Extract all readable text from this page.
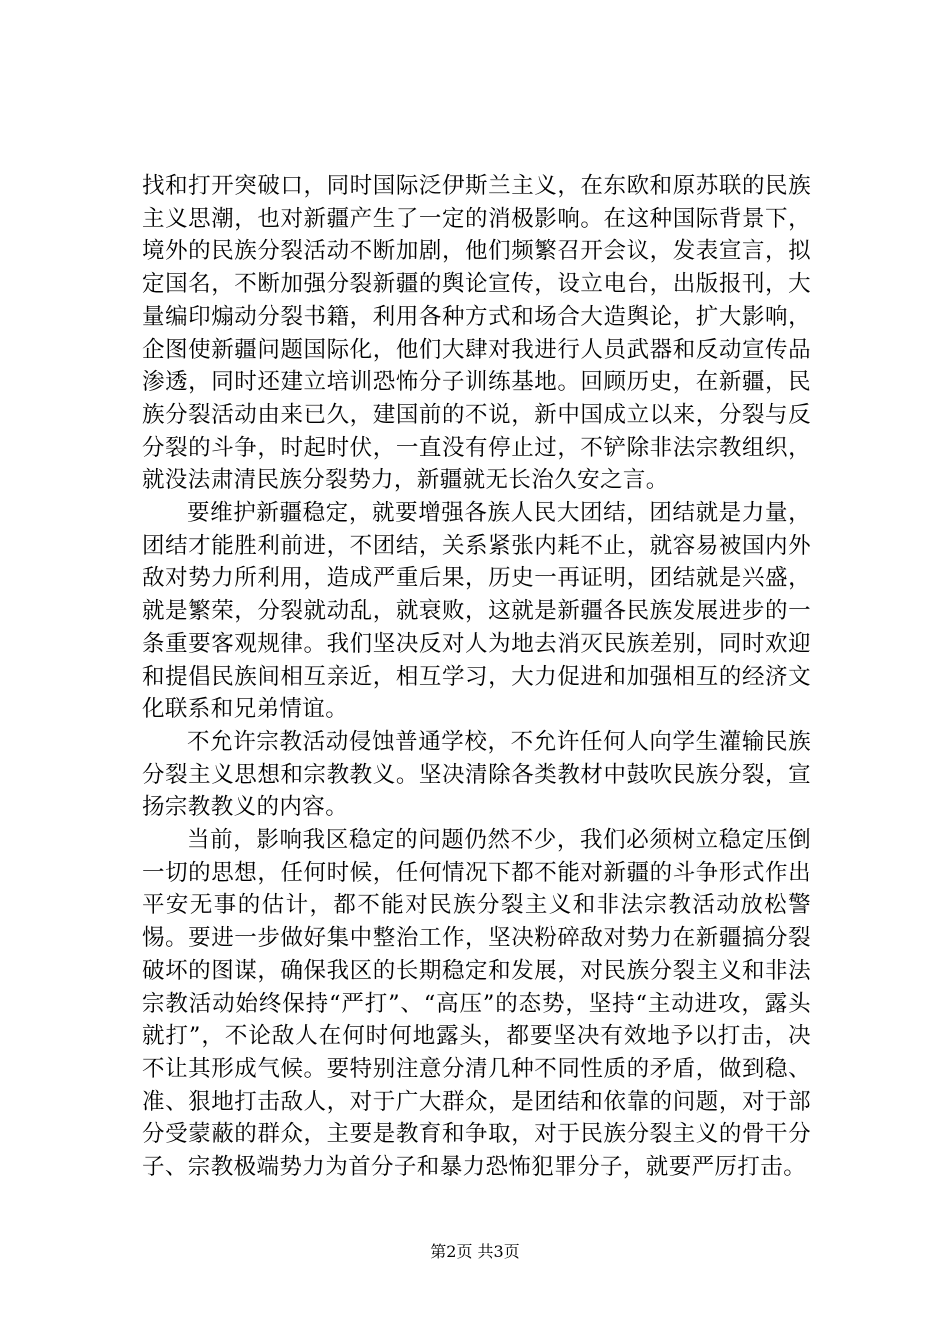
找和打开突破口，同时国际泛伊斯兰主义，在东欧和原苏联的民族主义思潮，也对新疆产生了一定的消极影响。在这种国际背景下，境外的民族分裂活动不断加剧，他们频繁召开会议，发表宣言，拟定国名，不断加强分裂新疆的舆论宣传，设立电台，出版报刊，大量编印煽动分裂书籍，利用各种方式和场合大造舆论，扩大影响，企图使新疆问题国际化，他们大肆对我进行人员武器和反动宣传品渗透，同时还建立培训恐怖分子训练基地。回顾历史，在新疆，民族分裂活动由来已久，建国前的不说，新中国成立以来，分裂与反分裂的斗争，时起时伏，一直没有停止过，不铲除非法宗教组织，就没法肃清民族分裂势力，新疆就无长治久安之言。

要维护新疆稳定，就要增强各族人民大团结，团结就是力量，团结才能胜利前进，不团结，关系紧张内耗不止，就容易被国内外敌对势力所利用，造成严重后果，历史一再证明，团结就是兴盛，就是繁荣，分裂就动乱，就衰败，这就是新疆各民族发展进步的一条重要客观规律。我们坚决反对人为地去消灭民族差别，同时欢迎和提倡民族间相互亲近，相互学习，大力促进和加强相互的经济文化联系和兄弟情谊。

不允许宗教活动侵蚀普通学校，不允许任何人向学生灌输民族分裂主义思想和宗教教义。坚决清除各类教材中鼓吹民族分裂，宣扬宗教教义的内容。

当前，影响我区稳定的问题仍然不少，我们必须树立稳定压倒一切的思想，任何时候，任何情况下都不能对新疆的斗争形式作出平安无事的估计，都不能对民族分裂主义和非法宗教活动放松警惕。要进一步做好集中整治工作，坚决粉碎敌对势力在新疆搞分裂破坏的图谋，确保我区的长期稳定和发展，对民族分裂主义和非法宗教活动始终保持“严打”、“高压”的态势，坚持“主动进攻，露头就打”，不论敌人在何时何地露头，都要坚决有效地予以打击，决不让其形成气候。要特别注意分清几种不同性质的矛盾，做到稳、准、狠地打击敌人，对于广大群众，是团结和依靠的问题，对于部分受蒙蔽的群众，主要是教育和争取，对于民族分裂主义的骨干分子、宗教极端势力为首分子和暴力恐怖犯罪分子，就要严厉打击。

第2页 共3页
